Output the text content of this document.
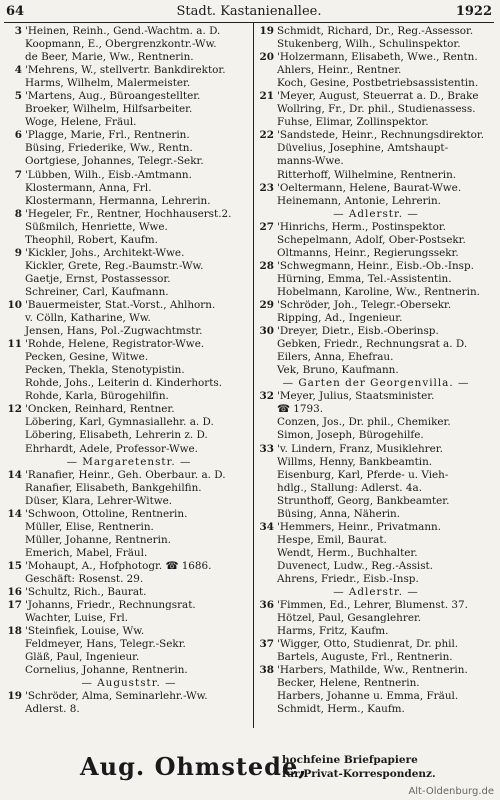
64	Stadt. Kastanienallee.	1922
3 'Heinen, Reinh., Gend.-Wachtm. a. D.
Koopmann, E., Obergrenzkontr.-Ww.
de Beer, Marie, Ww., Rentnerin.
4 'Mehrens, W., stellvertr. Bankdirektor.
Harms, Wilhelm, Malermeister.
5 'Martens, Aug., Büroangestellter.
Broeker, Wilhelm, Hilfsarbeiter.
Woge, Helene, Fräul.
6 'Plagge, Marie, Frl., Rentnerin.
Büsing, Friederike, Ww., Rentn.
Oortgiese, Johannes, Telegr.-Sekr.
7 'Lübben, Wilh., Eisb.-Amtmann.
Klostermann, Anna, Frl.
Klostermann, Hermanna, Lehrerin.
8 'Hegeler, Fr., Rentner, Hochhauserst.2.
Süßmilch, Henriette, Wwe.
Theophil, Robert, Kaufm.
9 'Kickler, Johs., Architekt-Wwe.
Kickler, Grete, Reg.-Baumstr.-Ww.
Gaetje, Ernst, Postassessor.
Schreiner, Carl, Kaufmann.
10 'Bauermeister, Stat.-Vorst., Ahlhorn.
v. Cölln, Katharine, Ww.
Jensen, Hans, Pol.-Zugwachtmstr.
11 'Rohde, Helene, Registrator-Wwe.
Pecken, Gesine, Witwe.
Pecken, Thekla, Stenotypistin.
Rohde, Johs., Leiterin d. Kinderhorts.
Rohde, Karla, Bürogehilfin.
12 'Oncken, Reinhard, Rentner.
Löbering, Karl, Gymnasiallehr. a. D.
Löbering, Elisabeth, Lehrerin z. D.
Ehrhardt, Adele, Professor-Wwe.
— Margaretenstr. —
14 'Ranafier, Heinr., Geh. Oberbaur. a. D.
Ranafier, Elisabeth, Bankgehilfin.
Düser, Klara, Lehrer-Witwe.
14 'Schwoon, Ottoline, Rentnerin.
Müller, Elise, Rentnerin.
Müller, Johanne, Rentnerin.
Emerich, Mabel, Fräul.
15 'Mohaupt, A., Hofphotogr. ☎ 1686.
Geschäft: Rosenst. 29.
16 'Schultz, Rich., Baurat.
17 'Johanns, Friedr., Rechnungsrat.
Wachter, Luise, Frl.
18 'Steinfiek, Louise, Ww.
Feldmeyer, Hans, Telegr.-Sekr.
Gläß, Paul, Ingenieur.
Cornelius, Johanne, Rentnerin.
— Auguststr. —
19 'Schröder, Alma, Seminarlehr.-Ww.
Adlerst. 8.
19 Schmidt, Richard, Dr., Reg.-Assessor.
Stukenberg, Wilh., Schulinspektor.
20 'Holzermann, Elisabeth, Wwe., Rentn.
Ahlers, Heinr., Rentner.
Koch, Gesine, Postbetriebsassistentin.
21 'Meyer, August, Steuerrat a. D., Brake
Wollring, Fr., Dr. phil., Studienassess.
Fuhse, Elimar, Zollinspektor.
22 'Sandstede, Heinr., Rechnungsdirektor.
Düvelius, Josephine, Amtshaupt-
manns-Wwe.
Ritterhoff, Wilhelmine, Rentnerin.
23 'Oeltermann, Helene, Baurat-Wwe.
Heinemann, Antonie, Lehrerin.
— Adlerstr. —
27 'Hinrichs, Herm., Postinspektor.
Schepelmann, Adolf, Ober-Postsekr.
Oltmanns, Heinr., Regierungssekr.
28 'Schwegmann, Heinr., Eisb.-Ob.-Insp.
Hürning, Emma, Tel.-Assistentin.
Hobelmann, Karoline, Ww., Rentnerin.
29 'Schröder, Joh., Telegr.-Obersekr.
Ripping, Ad., Ingenieur.
30 'Dreyer, Dietr., Eisb.-Oberinsp.
Gebken, Friedr., Rechnungsrat a. D.
Eilers, Anna, Ehefrau.
Vek, Bruno, Kaufmann.
— Garten der Georgenvilla. —
32 'Meyer, Julius, Staatsminister.
☎ 1793.
Conzen, Jos., Dr. phil., Chemiker.
Simon, Joseph, Bürogehilfe.
33 'v. Lindern, Franz, Musiklehrer.
Willms, Henny, Bankbeamtin.
Eisenburg, Karl, Pferde- u. Vieh-
hdlg., Stallung: Adlerst. 4a.
Strunthoff, Georg, Bankbeamter.
Büsing, Anna, Näherin.
34 'Hemmers, Heinr., Privatmann.
Hespe, Emil, Baurat.
Wendt, Herm., Buchhalter.
Duvenect, Ludw., Reg.-Assist.
Ahrens, Friedr., Eisb.-Insp.
— Adlerstr. —
36 'Fimmen, Ed., Lehrer, Blumenst. 37.
Hötzel, Paul, Gesanglehrer.
Harms, Fritz, Kaufm.
37 'Wigger, Otto, Studienrat, Dr. phil.
Bartels, Auguste, Frl., Rentnerin.
38 'Harbers, Mathilde, Ww., Rentnerin.
Becker, Helene, Rentnerin.
Harbers, Johanne u. Emma, Fräul.
Schmidt, Herm., Kaufm.
Aug. Ohmstede,
hochfeine Briefpapiere
für Privat-Korrespondenz.
Alt-Oldenburg.de
